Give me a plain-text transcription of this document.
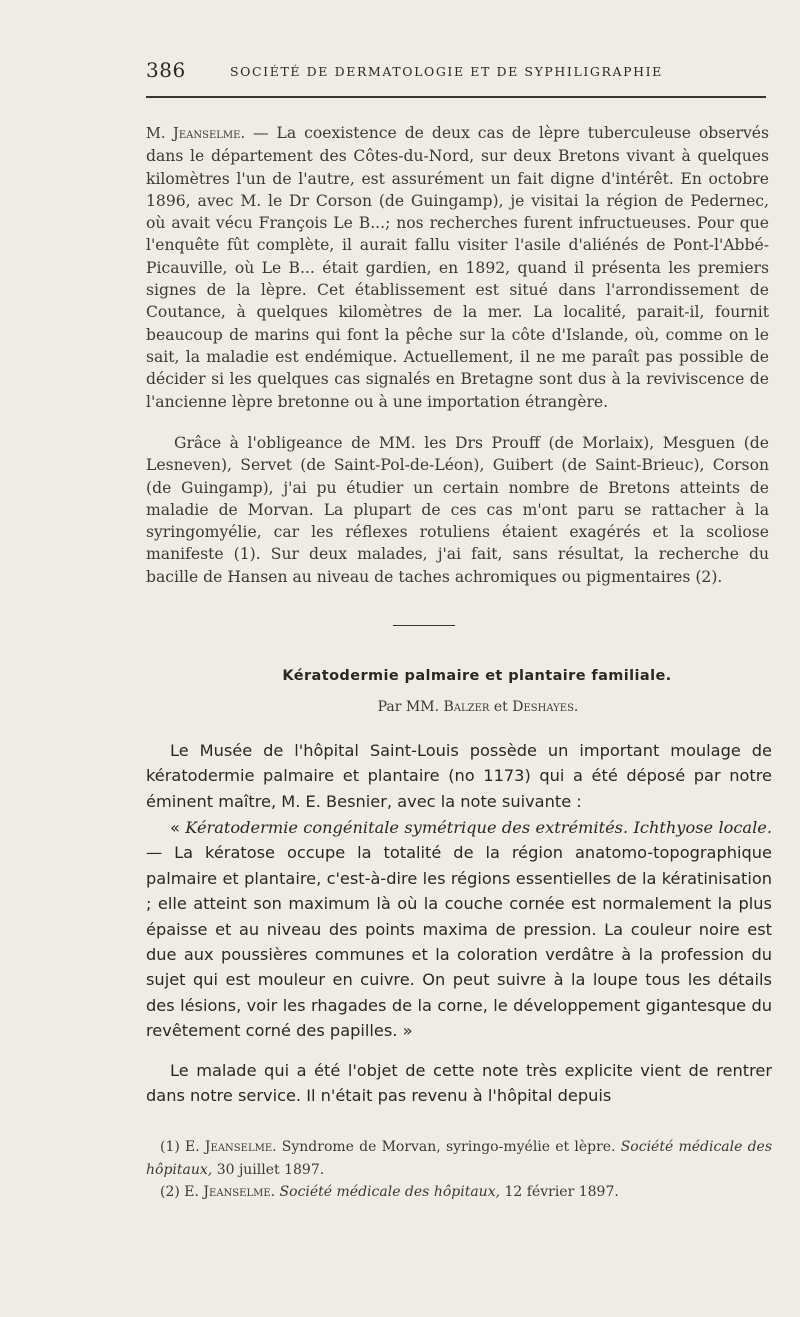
386	SOCIÉTÉ DE DERMATOLOGIE ET DE SYPHILIGRAPHIE

M. Jeanselme. — La coexistence de deux cas de lèpre tuberculeuse observés dans le département des Côtes-du-Nord, sur deux Bretons vivant à quelques kilomètres l'un de l'autre, est assurément un fait digne d'intérêt. En octobre 1896, avec M. le Dr Corson (de Guingamp), je visitai la région de Pedernec, où avait vécu François Le B...; nos recherches furent infructueuses. Pour que l'enquête fût complète, il aurait fallu visiter l'asile d'aliénés de Pont-l'Abbé-Picauville, où Le B... était gardien, en 1892, quand il présenta les premiers signes de la lèpre. Cet établissement est situé dans l'arrondissement de Coutance, à quelques kilomètres de la mer. La localité, parait-il, fournit beaucoup de marins qui font la pêche sur la côte d'Islande, où, comme on le sait, la maladie est endémique. Actuellement, il ne me paraît pas possible de décider si les quelques cas signalés en Bretagne sont dus à la reviviscence de l'ancienne lèpre bretonne ou à une importation étrangère.

Grâce à l'obligeance de MM. les Drs Prouff (de Morlaix), Mesguen (de Lesneven), Servet (de Saint-Pol-de-Léon), Guibert (de Saint-Brieuc), Corson (de Guingamp), j'ai pu étudier un certain nombre de Bretons atteints de maladie de Morvan. La plupart de ces cas m'ont paru se rattacher à la syringomyélie, car les réflexes rotuliens étaient exagérés et la scoliose manifeste (1). Sur deux malades, j'ai fait, sans résultat, la recherche du bacille de Hansen au niveau de taches achromiques ou pigmentaires (2).

Kératodermie palmaire et plantaire familiale.

Par MM. Balzer et Deshayes.

Le Musée de l'hôpital Saint-Louis possède un important moulage de kératodermie palmaire et plantaire (no 1173) qui a été déposé par notre éminent maître, M. E. Besnier, avec la note suivante :

« Kératodermie congénitale symétrique des extrémités. Ichthyose locale. — La kératose occupe la totalité de la région anatomo-topographique palmaire et plantaire, c'est-à-dire les régions essentielles de la kératinisation ; elle atteint son maximum là où la couche cornée est normalement la plus épaisse et au niveau des points maxima de pression. La couleur noire est due aux poussières communes et la coloration verdâtre à la profession du sujet qui est mouleur en cuivre. On peut suivre à la loupe tous les détails des lésions, voir les rhagades de la corne, le développement gigantesque du revêtement corné des papilles. »

Le malade qui a été l'objet de cette note très explicite vient de rentrer dans notre service. Il n'était pas revenu à l'hôpital depuis

(1) E. Jeanselme. Syndrome de Morvan, syringo-myélie et lèpre. Société médicale des hôpitaux, 30 juillet 1897.

(2) E. Jeanselme. Société médicale des hôpitaux, 12 février 1897.
